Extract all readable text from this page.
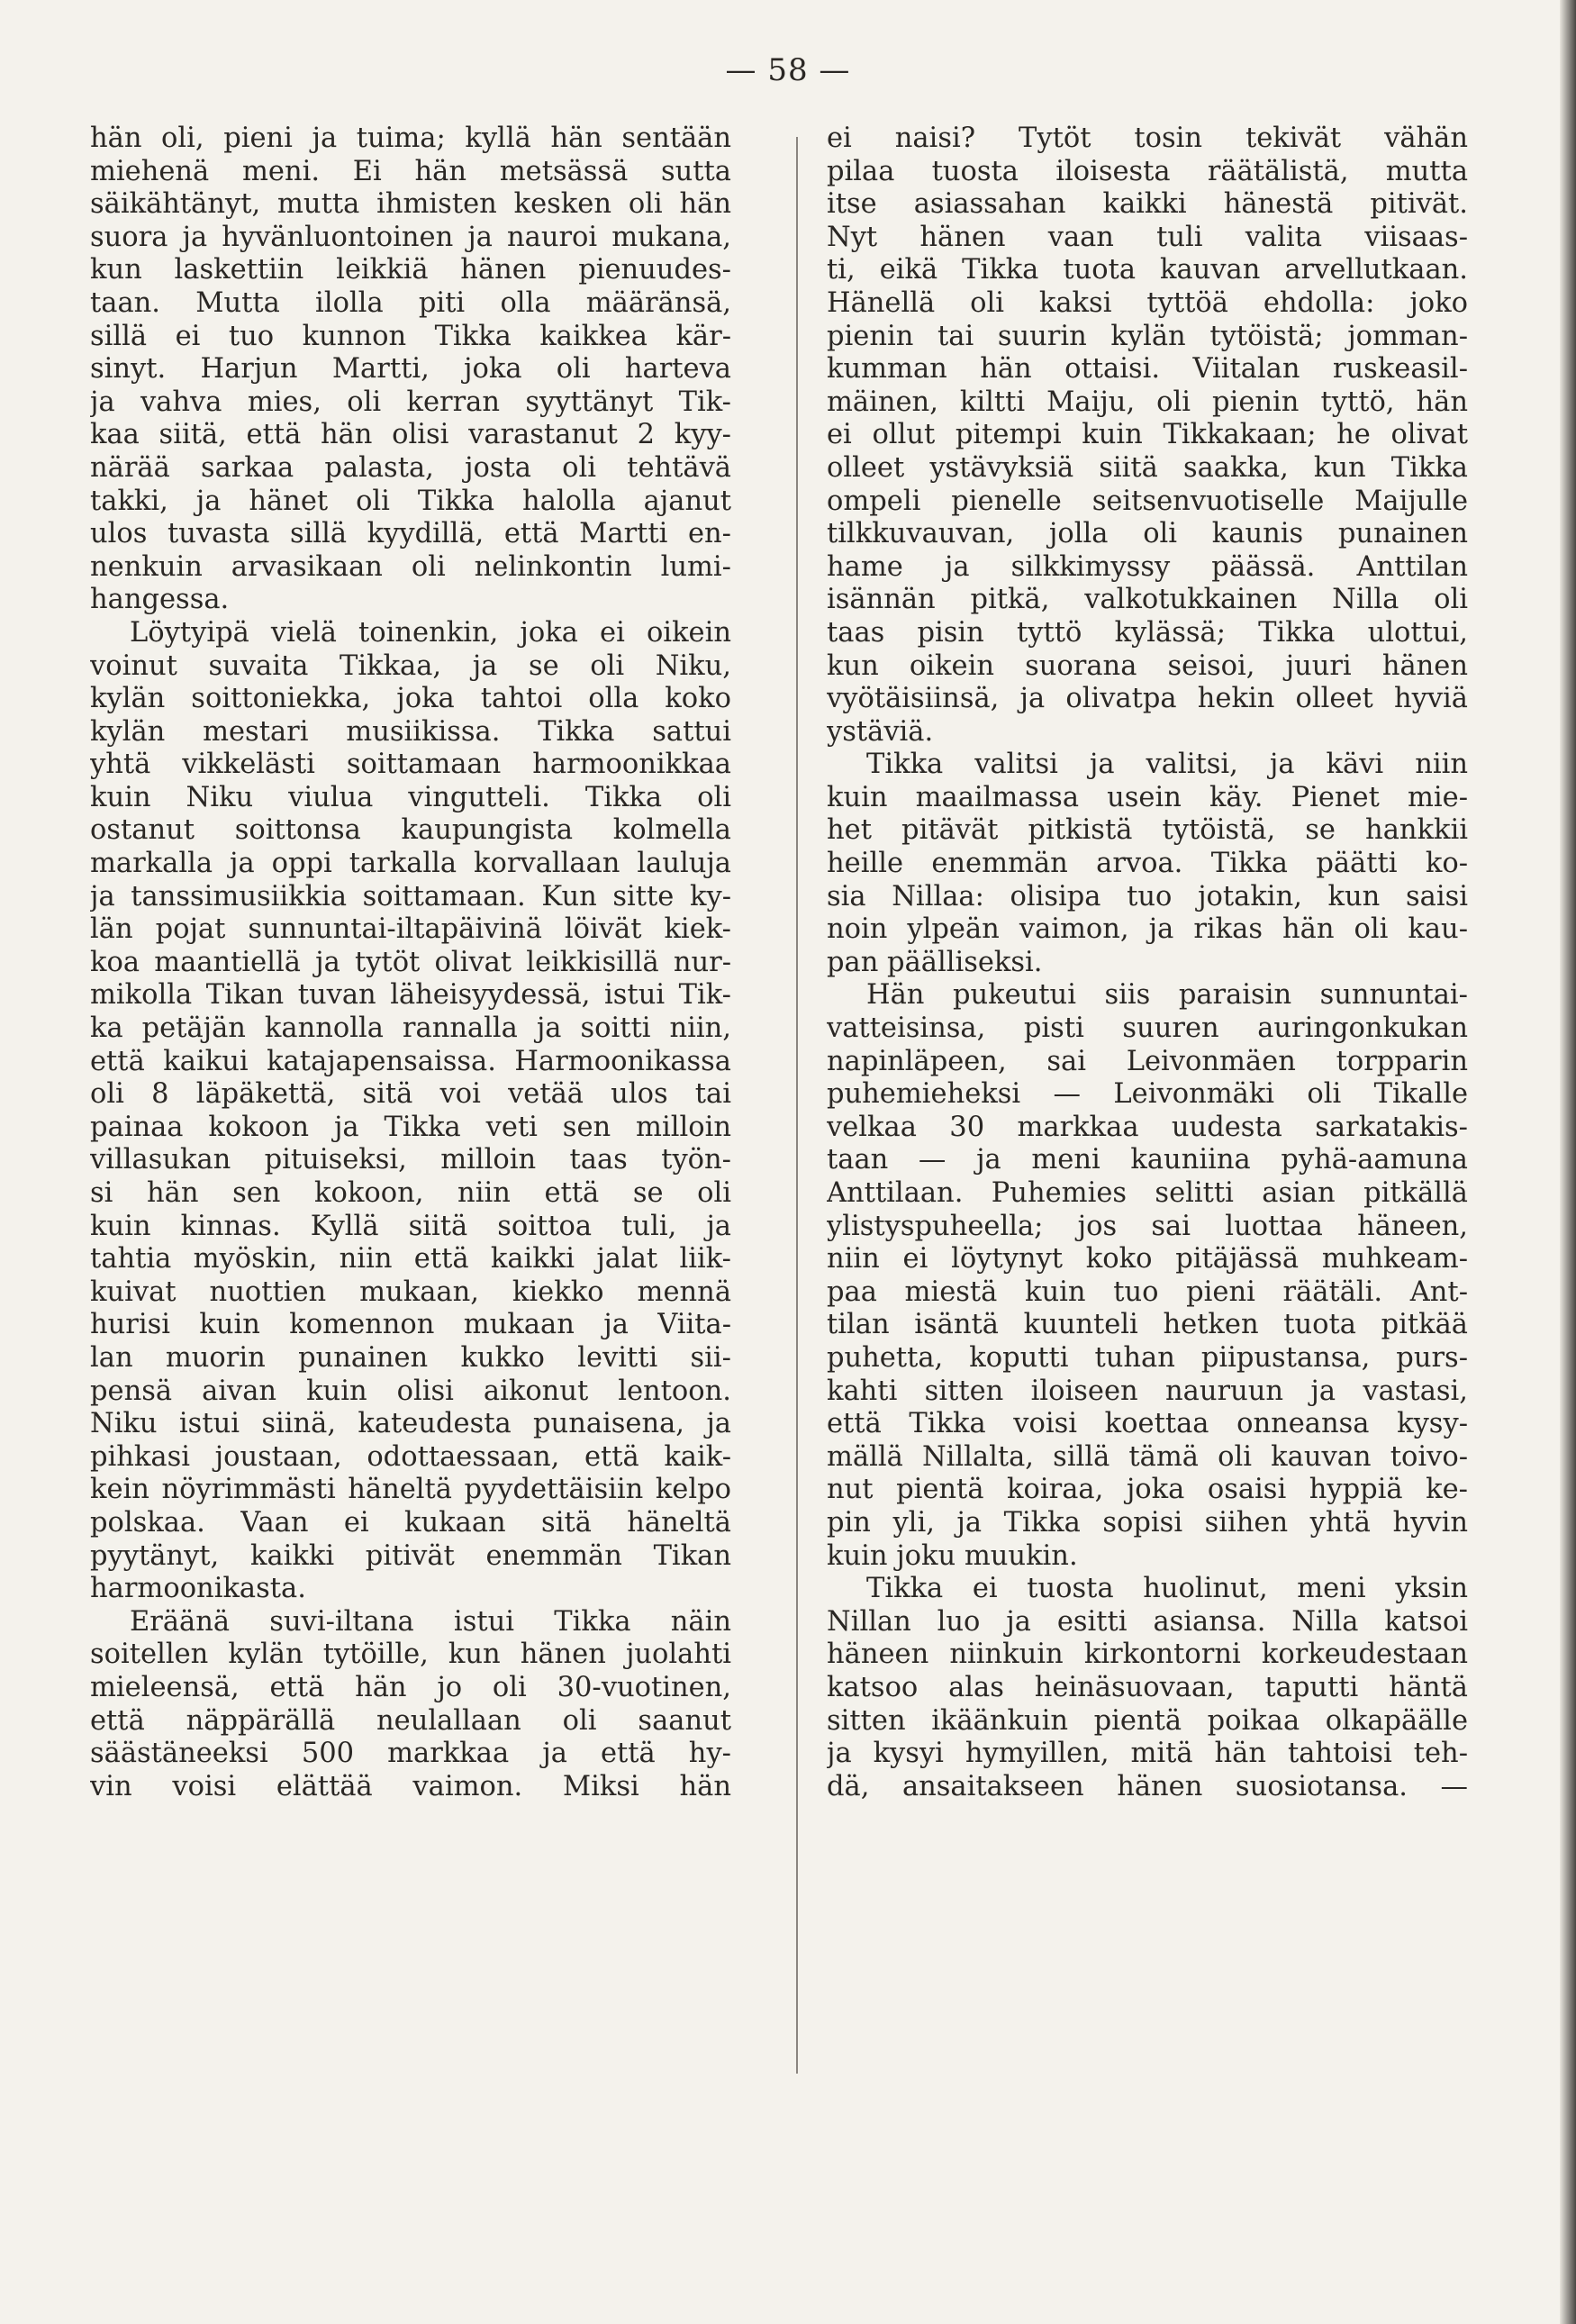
— 58 —
hän oli, pieni ja tuima; kyllä hän sentään
miehenä meni. Ei hän metsässä sutta
säikähtänyt, mutta ihmisten kesken oli hän
suora ja hyvänluontoinen ja nauroi mukana,
kun laskettiin leikkiä hänen pienuudes-
taan. Mutta ilolla piti olla määränsä,
sillä ei tuo kunnon Tikka kaikkea kär-
sinyt. Harjun Martti, joka oli harteva
ja vahva mies, oli kerran syyttänyt Tik-
kaa siitä, että hän olisi varastanut 2 kyy-
närää sarkaa palasta, josta oli tehtävä
takki, ja hänet oli Tikka halolla ajanut
ulos tuvasta sillä kyydillä, että Martti en-
nenkuin arvasikaan oli nelinkontin lumi-
hangessa.
Löytyipä vielä toinenkin, joka ei oikein
voinut suvaita Tikkaa, ja se oli Niku,
kylän soittoniekka, joka tahtoi olla koko
kylän mestari musiikissa. Tikka sattui
yhtä vikkelästi soittamaan harmoonikkaa
kuin Niku viulua vingutteli. Tikka oli
ostanut soittonsa kaupungista kolmella
markalla ja oppi tarkalla korvallaan lauluja
ja tanssimusiikkia soittamaan. Kun sitte ky-
län pojat sunnuntai-iltapäivinä löivät kiek-
koa maantiellä ja tytöt olivat leikkisillä nur-
mikolla Tikan tuvan läheisyydessä, istui Tik-
ka petäjän kannolla rannalla ja soitti niin,
että kaikui katajapensaissa. Harmoonikassa
oli 8 läpäkettä, sitä voi vetää ulos tai
painaa kokoon ja Tikka veti sen milloin
villasukan pituiseksi, milloin taas työn-
si hän sen kokoon, niin että se oli
kuin kinnas. Kyllä siitä soittoa tuli, ja
tahtia myöskin, niin että kaikki jalat liik-
kuivat nuottien mukaan, kiekko mennä
hurisi kuin komennon mukaan ja Viita-
lan muorin punainen kukko levitti sii-
pensä aivan kuin olisi aikonut lentoon.
Niku istui siinä, kateudesta punaisena, ja
pihkasi joustaan, odottaessaan, että kaik-
kein nöyrimmästi häneltä pyydettäisiin kelpo
polskaa. Vaan ei kukaan sitä häneltä
pyytänyt, kaikki pitivät enemmän Tikan
harmoonikasta.
Eräänä suvi-iltana istui Tikka näin
soitellen kylän tytöille, kun hänen juolahti
mieleensä, että hän jo oli 30-vuotinen,
että näppärällä neulallaan oli saanut
säästäneeksi 500 markkaa ja että hy-
vin voisi elättää vaimon. Miksi hän
ei naisi? Tytöt tosin tekivät vähän
pilaa tuosta iloisesta räätälistä, mutta
itse asiassahan kaikki hänestä pitivät.
Nyt hänen vaan tuli valita viisaas-
ti, eikä Tikka tuota kauvan arvellutkaan.
Hänellä oli kaksi tyttöä ehdolla: joko
pienin tai suurin kylän tytöistä; jomman-
kumman hän ottaisi. Viitalan ruskeasil-
mäinen, kiltti Maiju, oli pienin tyttö, hän
ei ollut pitempi kuin Tikkakaan; he olivat
olleet ystävyksiä siitä saakka, kun Tikka
ompeli pienelle seitsenvuotiselle Maijulle
tilkkuvauvan, jolla oli kaunis punainen
hame ja silkkimyssy päässä. Anttilan
isännän pitkä, valkotukkainen Nilla oli
taas pisin tyttö kylässä; Tikka ulottui,
kun oikein suorana seisoi, juuri hänen
vyötäisiinsä, ja olivatpa hekin olleet hyviä
ystäviä.
Tikka valitsi ja valitsi, ja kävi niin
kuin maailmassa usein käy. Pienet mie-
het pitävät pitkistä tytöistä, se hankkii
heille enemmän arvoa. Tikka päätti ko-
sia Nillaa: olisipa tuo jotakin, kun saisi
noin ylpeän vaimon, ja rikas hän oli kau-
pan päälliseksi.
Hän pukeutui siis paraisin sunnuntai-
vatteisinsa, pisti suuren auringonkukan
napinläpeen, sai Leivonmäen torpparin
puhemieheksi — Leivonmäki oli Tikalle
velkaa 30 markkaa uudesta sarkatakis-
taan — ja meni kauniina pyhä-aamuna
Anttilaan. Puhemies selitti asian pitkällä
ylistyspuheella; jos sai luottaa häneen,
niin ei löytynyt koko pitäjässä muhkeam-
paa miestä kuin tuo pieni räätäli. Ant-
tilan isäntä kuunteli hetken tuota pitkää
puhetta, koputti tuhan piipustansa, purs-
kahti sitten iloiseen nauruun ja vastasi,
että Tikka voisi koettaa onneansa kysy-
mällä Nillalta, sillä tämä oli kauvan toivo-
nut pientä koiraa, joka osaisi hyppiä ke-
pin yli, ja Tikka sopisi siihen yhtä hyvin
kuin joku muukin.
Tikka ei tuosta huolinut, meni yksin
Nillan luo ja esitti asiansa. Nilla katsoi
häneen niinkuin kirkontorni korkeudestaan
katsoo alas heinäsuovaan, taputti häntä
sitten ikäänkuin pientä poikaa olkapäälle
ja kysyi hymyillen, mitä hän tahtoisi teh-
dä, ansaitakseen hänen suosiotansa. —
